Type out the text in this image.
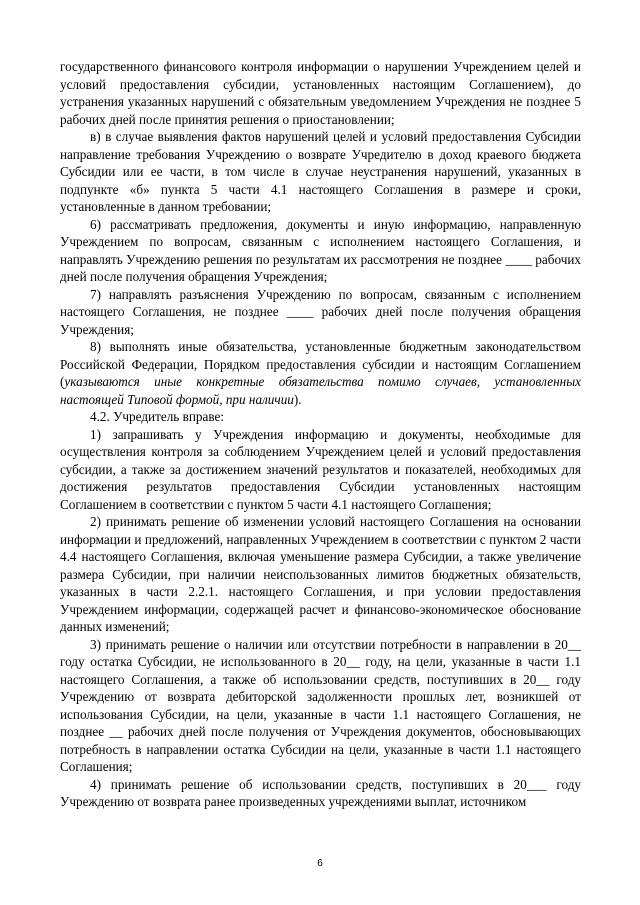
государственного финансового контроля информации о нарушении Учреждением целей и условий предоставления субсидии, установленных настоящим Соглашением), до устранения указанных нарушений с обязательным уведомлением Учреждения не позднее 5 рабочих дней после принятия решения о приостановлении;

в) в случае выявления фактов нарушений целей и условий предоставления Субсидии направление требования Учреждению о возврате Учредителю в доход краевого бюджета Субсидии или ее части, в том числе в случае неустранения нарушений, указанных в подпункте «б» пункта 5 части 4.1 настоящего Соглашения в размере и сроки, установленные в данном требовании;

6) рассматривать предложения, документы и иную информацию, направленную Учреждением по вопросам, связанным с исполнением настоящего Соглашения, и направлять Учреждению решения по результатам их рассмотрения не позднее ____ рабочих дней после получения обращения Учреждения;

7) направлять разъяснения Учреждению по вопросам, связанным с исполнением настоящего Соглашения, не позднее ____ рабочих дней после получения обращения Учреждения;

8) выполнять иные обязательства, установленные бюджетным законодательством Российской Федерации, Порядком предоставления субсидии и настоящим Соглашением (указываются иные конкретные обязательства помимо случаев, установленных настоящей Типовой формой, при наличии).

4.2. Учредитель вправе:

1) запрашивать у Учреждения информацию и документы, необходимые для осуществления контроля за соблюдением Учреждением целей и условий предоставления субсидии, а также за достижением значений результатов и показателей, необходимых для достижения результатов предоставления Субсидии установленных настоящим Соглашением в соответствии с пунктом 5 части 4.1 настоящего Соглашения;

2) принимать решение об изменении условий настоящего Соглашения на основании информации и предложений, направленных Учреждением в соответствии с пунктом 2 части 4.4 настоящего Соглашения, включая уменьшение размера Субсидии, а также увеличение размера Субсидии, при наличии неиспользованных лимитов бюджетных обязательств, указанных в части 2.2.1. настоящего Соглашения, и при условии предоставления Учреждением информации, содержащей расчет и финансово-экономическое обоснование данных изменений;

3) принимать решение о наличии или отсутствии потребности в направлении в 20__ году остатка Субсидии, не использованного в 20__ году, на цели, указанные в части 1.1 настоящего Соглашения, а также об использовании средств, поступивших в 20__ году Учреждению от возврата дебиторской задолженности прошлых лет, возникшей от использования Субсидии, на цели, указанные в части 1.1 настоящего Соглашения, не позднее __ рабочих дней после получения от Учреждения документов, обосновывающих потребность в направлении остатка Субсидии на цели, указанные в части 1.1 настоящего Соглашения;

4) принимать решение об использовании средств, поступивших в 20___ году Учреждению от возврата ранее произведенных учреждениями выплат, источником

6
